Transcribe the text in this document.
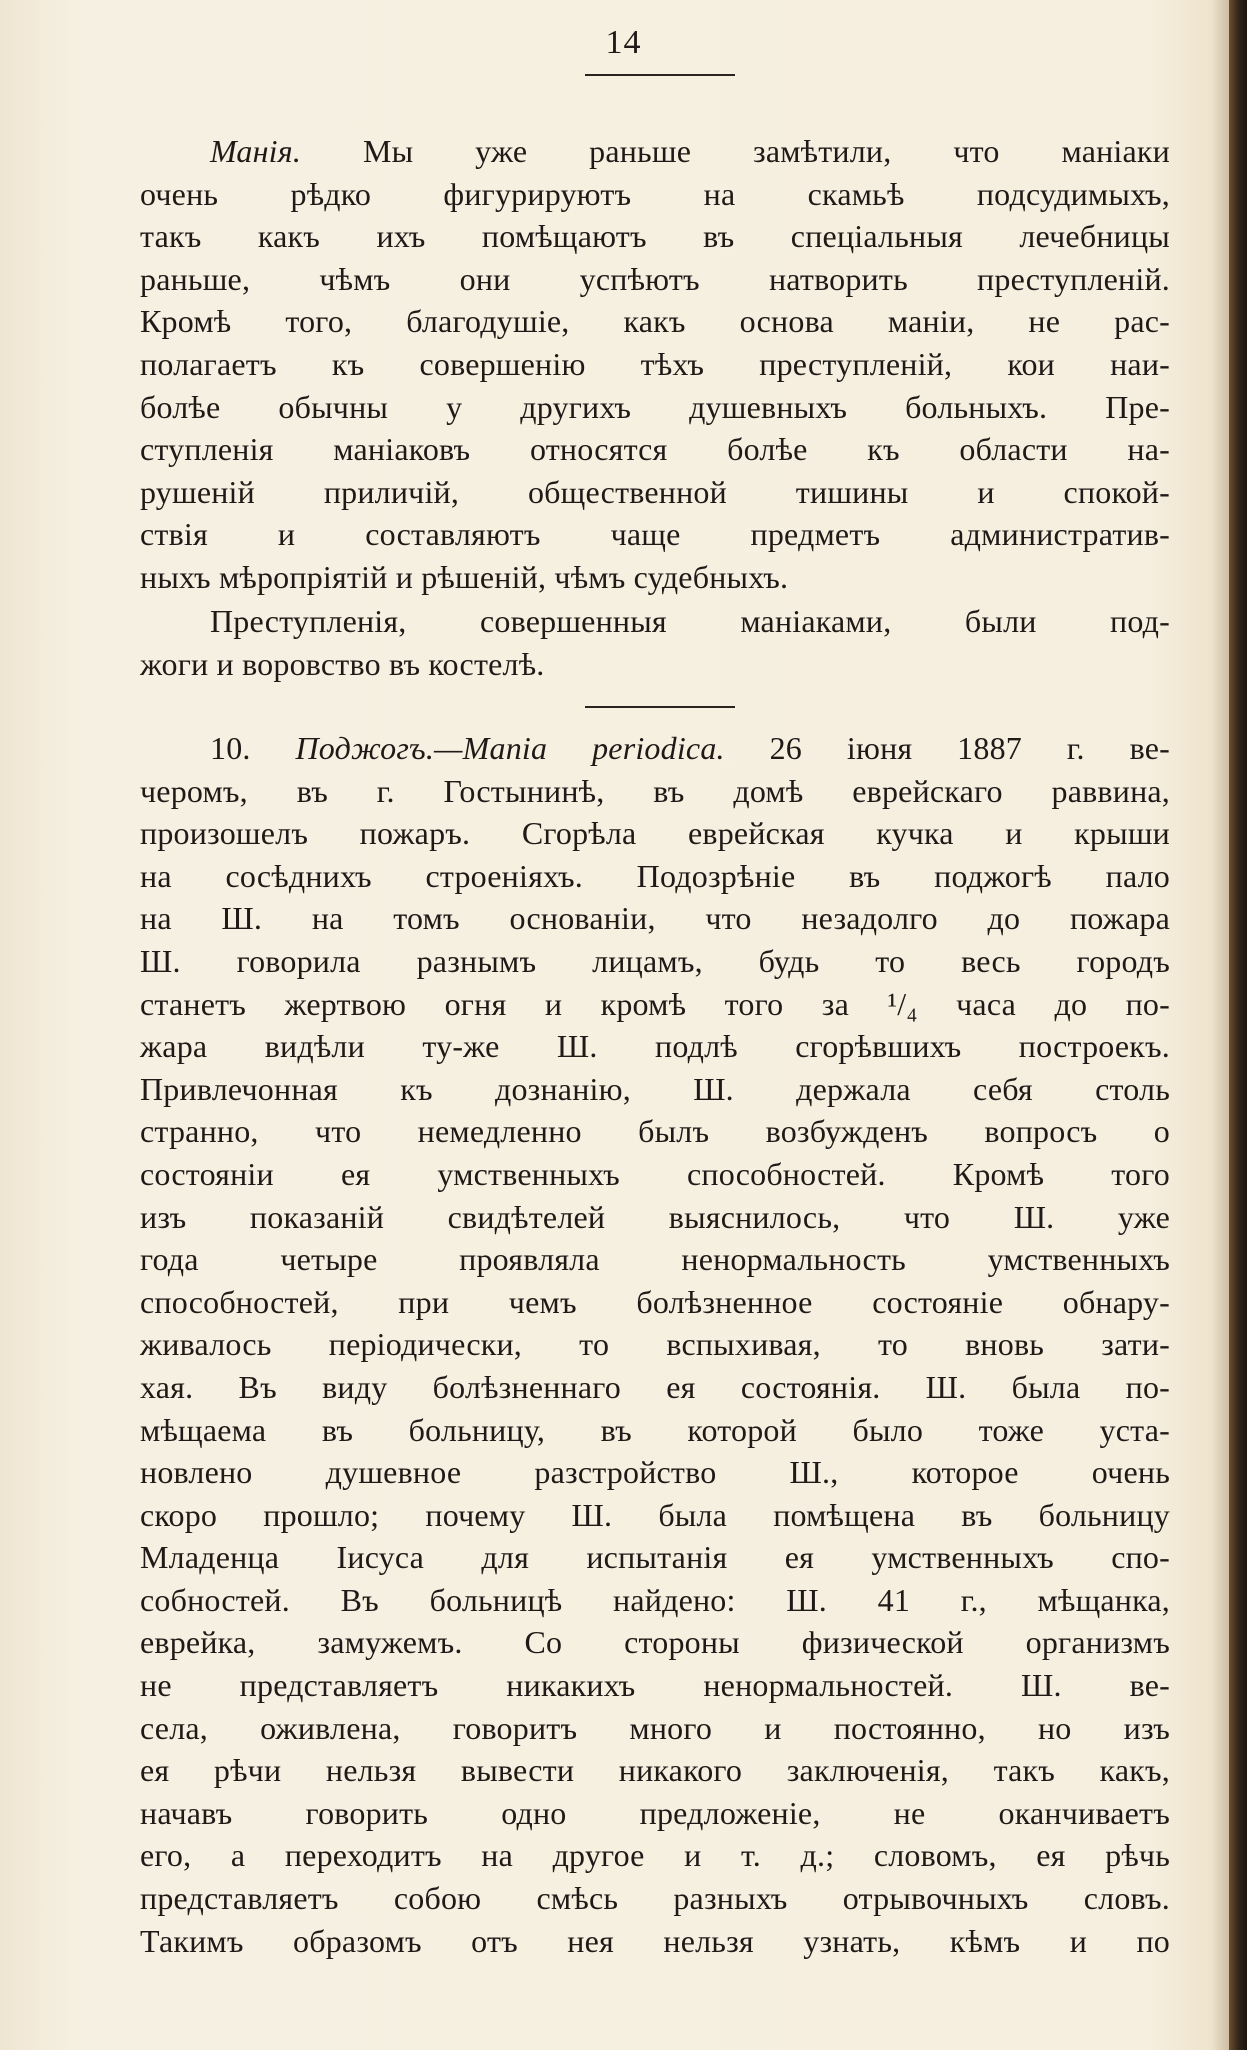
14
Манія. Мы уже раньше замѣтили, что маніаки
очень рѣдко фигурируютъ на скамьѣ подсудимыхъ,
такъ какъ ихъ помѣщаютъ въ спеціальныя лечебницы
раньше, чѣмъ они успѣютъ натворить преступленій.
Кромѣ того, благодушіе, какъ основа маніи, не рас-
полагаетъ къ совершенію тѣхъ преступленій, кои наи-
болѣе обычны у другихъ душевныхъ больныхъ. Пре-
ступленія маніаковъ относятся болѣе къ области на-
рушеній приличій, общественной тишины и спокой-
ствія и составляютъ чаще предметъ административ-
ныхъ мѣропріятій и рѣшеній, чѣмъ судебныхъ.
Преступленія, совершенныя маніаками, были под-
жоги и воровство въ костелѣ.
10. Поджогъ.—Mania periodica. 26 іюня 1887 г. ве-
черомъ, въ г. Гостынинѣ, въ домѣ еврейскаго раввина,
произошелъ пожаръ. Сгорѣла еврейская кучка и крыши
на сосѣднихъ строеніяхъ. Подозрѣніе въ поджогѣ пало
на Ш. на томъ основаніи, что незадолго до пожара
Ш. говорила разнымъ лицамъ, будь то весь городъ
станетъ жертвою огня и кромѣ того за ¹/₄ часа до по-
жара видѣли ту-же Ш. подлѣ сгорѣвшихъ построекъ.
Привлечонная къ дознанію, Ш. держала себя столь
странно, что немедленно былъ возбужденъ вопросъ о
состояніи ея умственныхъ способностей. Кромѣ того
изъ показаній свидѣтелей выяснилось, что Ш. уже
года четыре проявляла ненормальность умственныхъ
способностей, при чемъ болѣзненное состояніе обнару-
живалось періодически, то вспыхивая, то вновь зати-
хая. Въ виду болѣзненнаго ея состоянія. Ш. была по-
мѣщаема въ больницу, въ которой было тоже уста-
новлено душевное разстройство Ш., которое очень
скоро прошло; почему Ш. была помѣщена въ больницу
Младенца Іисуса для испытанія ея умственныхъ спо-
собностей. Въ больницѣ найдено: Ш. 41 г., мѣщанка,
еврейка, замужемъ. Со стороны физической организмъ
не представляетъ никакихъ ненормальностей. Ш. ве-
села, оживлена, говоритъ много и постоянно, но изъ
ея рѣчи нельзя вывести никакого заключенія, такъ какъ,
начавъ говорить одно предложеніе, не оканчиваетъ
его, а переходитъ на другое и т. д.; словомъ, ея рѣчь
представляетъ собою смѣсь разныхъ отрывочныхъ словъ.
Такимъ образомъ отъ нея нельзя узнать, кѣмъ и по
